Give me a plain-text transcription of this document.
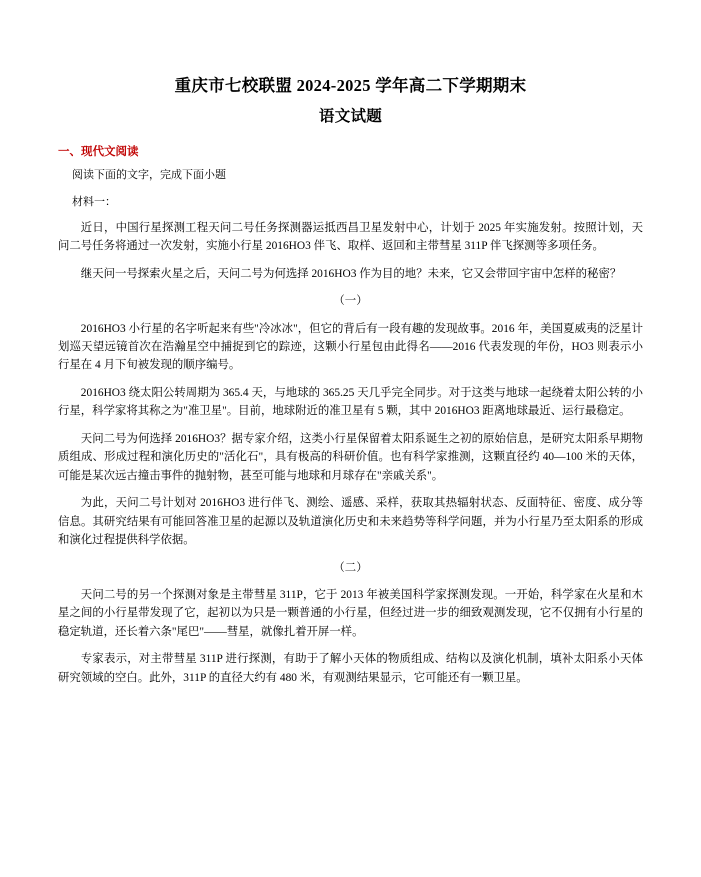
重庆市七校联盟 2024-2025 学年高二下学期期末
语文试题
一、现代文阅读
阅读下面的文字，完成下面小题
材料一：

近日，中国行星探测工程天问二号任务探测器运抵西昌卫星发射中心，计划于 2025 年实施发射。按照计划，天问二号任务将通过一次发射，实施小行星 2016HO3 伴飞、取样、返回和主带彗星 311P 伴飞探测等多项任务。

继天问一号探索火星之后，天问二号为何选择 2016HO3 作为目的地？未来，它又会带回宇宙中怎样的秘密？

（一）

2016HO3 小行星的名字听起来有些"冷冰冰"，但它的背后有一段有趣的发现故事。2016 年，美国夏威夷的泛星计划巡天望远镜首次在浩瀚星空中捕捉到它的踪迹，这颗小行星包由此得名——2016 代表发现的年份，HO3 则表示小行星在 4 月下旬被发现的顺序编号。

2016HO3 绕太阳公转周期为 365.4 天，与地球的 365.25 天几乎完全同步。对于这类与地球一起绕着太阳公转的小行星，科学家将其称之为"准卫星"。目前，地球附近的准卫星有 5 颗，其中 2016HO3 距离地球最近、运行最稳定。

天问二号为何选择 2016HO3？据专家介绍，这类小行星保留着太阳系诞生之初的原始信息，是研究太阳系早期物质组成、形成过程和演化历史的"活化石"，具有极高的科研价值。也有科学家推测，这颗直径约 40—100 米的天体，可能是某次远古撞击事件的抛射物，甚至可能与地球和月球存在"亲戚关系"。

为此，天问二号计划对 2016HO3 进行伴飞、测绘、遥感、采样，获取其热辐射状态、反面特征、密度、成分等信息。其研究结果有可能回答准卫星的起源以及轨道演化历史和未来趋势等科学问题，并为小行星乃至太阳系的形成和演化过程提供科学依据。

（二）

天问二号的另一个探测对象是主带彗星 311P，它于 2013 年被美国科学家探测发现。一开始，科学家在火星和木星之间的小行星带发现了它，起初以为只是一颗普通的小行星，但经过进一步的细致观测发现，它不仅拥有小行星的稳定轨道，还长着六条"尾巴"——彗星，就像扎着开屏一样。

专家表示，对主带彗星 311P 进行探测，有助于了解小天体的物质组成、结构以及演化机制，填补太阳系小天体研究领域的空白。此外，311P 的直径大约有 480 米，有观测结果显示，它可能还有一颗卫星。
